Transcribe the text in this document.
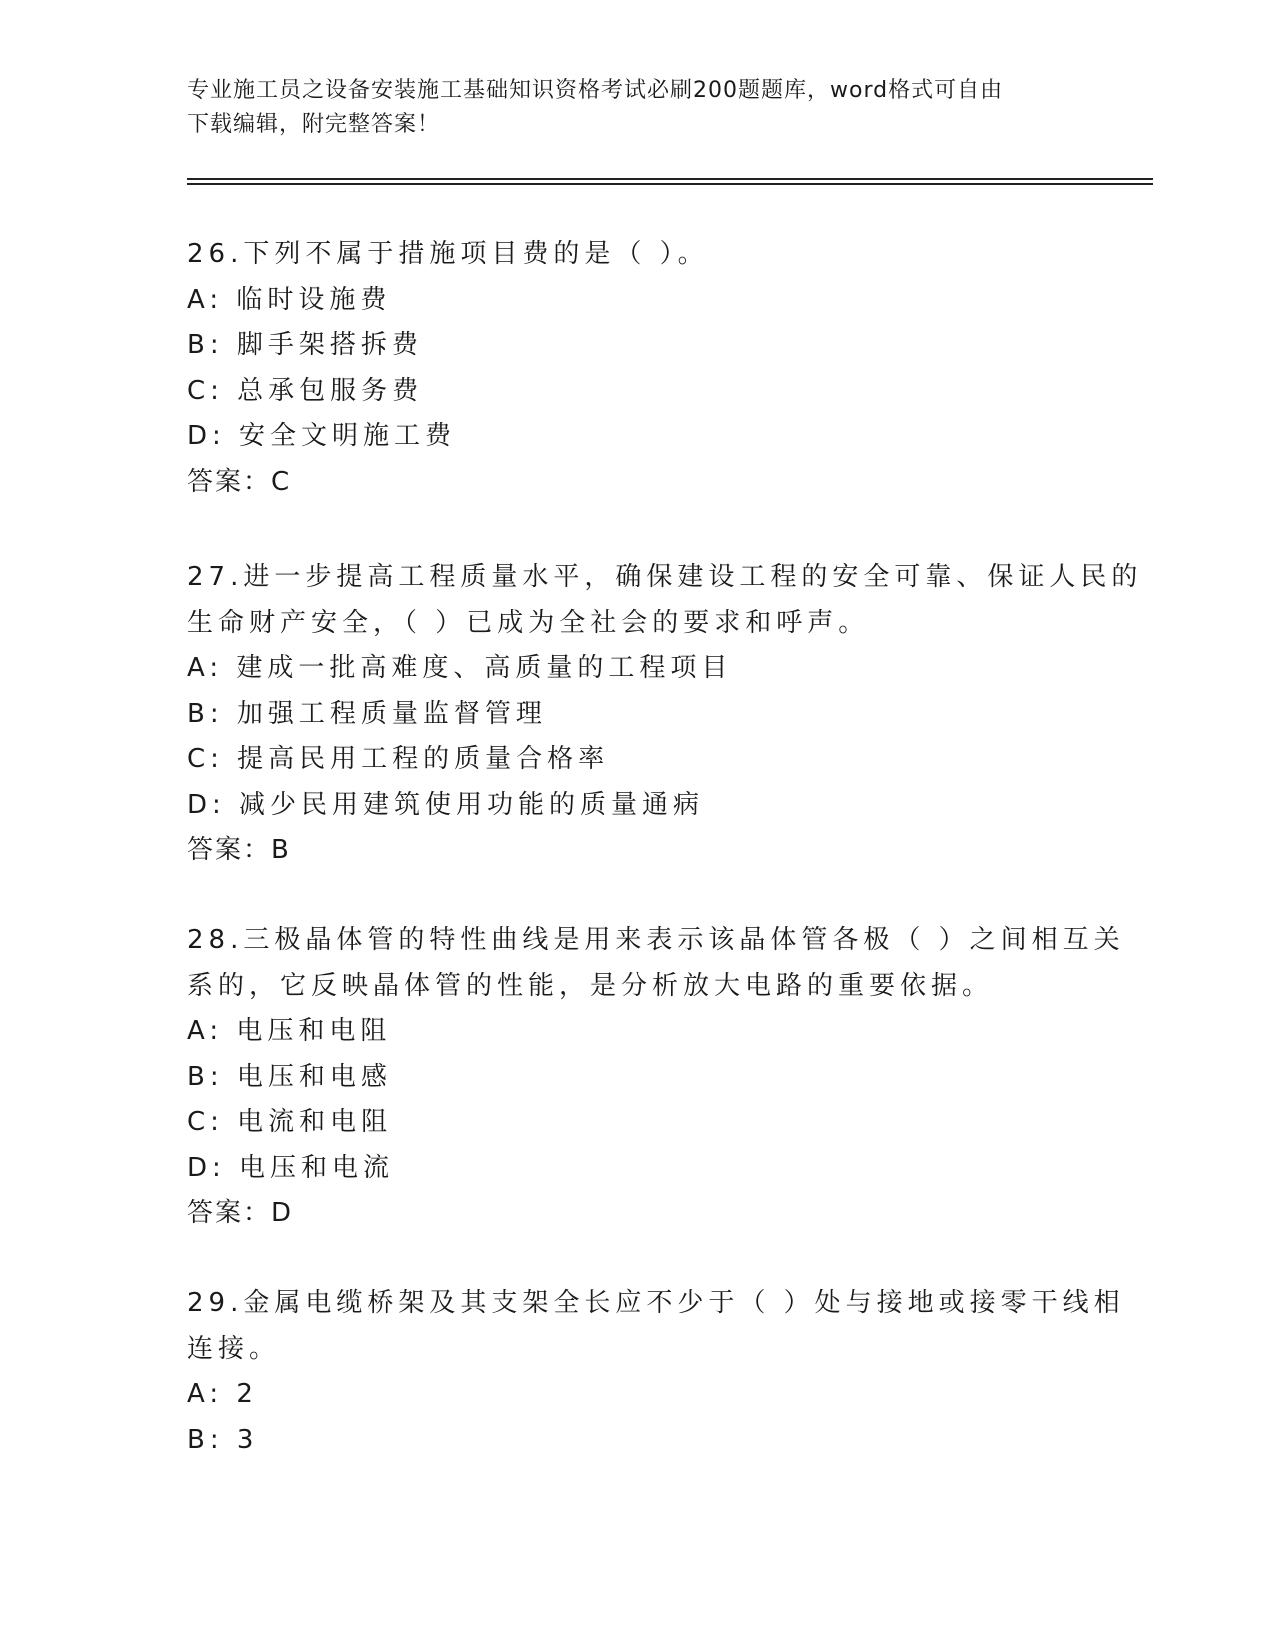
专业施工员之设备安装施工基础知识资格考试必刷200题题库，word格式可自由
下载编辑，附完整答案！
26.下列不属于措施项目费的是（ ）。
A: 临时设施费
B: 脚手架搭拆费
C: 总承包服务费
D: 安全文明施工费
答案：C
27.进一步提高工程质量水平，确保建设工程的安全可靠、保证人民的
生命财产安全，（ ）已成为全社会的要求和呼声。
A: 建成一批高难度、高质量的工程项目
B: 加强工程质量监督管理
C: 提高民用工程的质量合格率
D: 减少民用建筑使用功能的质量通病
答案：B
28.三极晶体管的特性曲线是用来表示该晶体管各极（ ）之间相互关
系的，它反映晶体管的性能，是分析放大电路的重要依据。
A: 电压和电阻
B: 电压和电感
C: 电流和电阻
D: 电压和电流
答案：D
29.金属电缆桥架及其支架全长应不少于（ ）处与接地或接零干线相
连接。
A: 2
B: 3
